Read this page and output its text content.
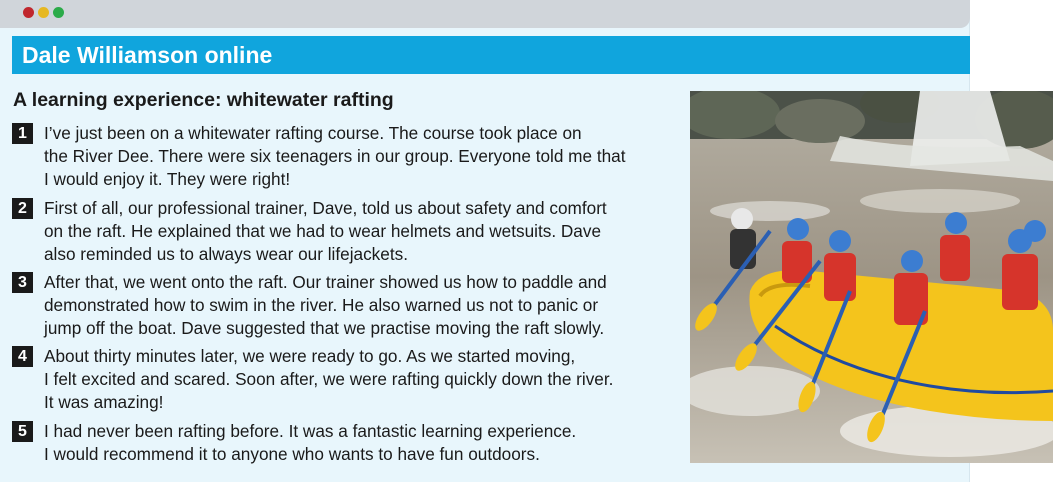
Dale Williamson online
A learning experience: whitewater rafting
1 I’ve just been on a whitewater rafting course. The course took place on
the River Dee. There were six teenagers in our group. Everyone told me that
I would enjoy it. They were right!
2 First of all, our professional trainer, Dave, told us about safety and comfort
on the raft. He explained that we had to wear helmets and wetsuits. Dave
also reminded us to always wear our lifejackets.
3 After that, we went onto the raft. Our trainer showed us how to paddle and
demonstrated how to swim in the river. He also warned us not to panic or
jump off the boat. Dave suggested that we practise moving the raft slowly.
4 About thirty minutes later, we were ready to go. As we started moving,
I felt excited and scared. Soon after, we were rafting quickly down the river.
It was amazing!
5 I had never been rafting before. It was a fantastic learning experience.
I would recommend it to anyone who wants to have fun outdoors.
